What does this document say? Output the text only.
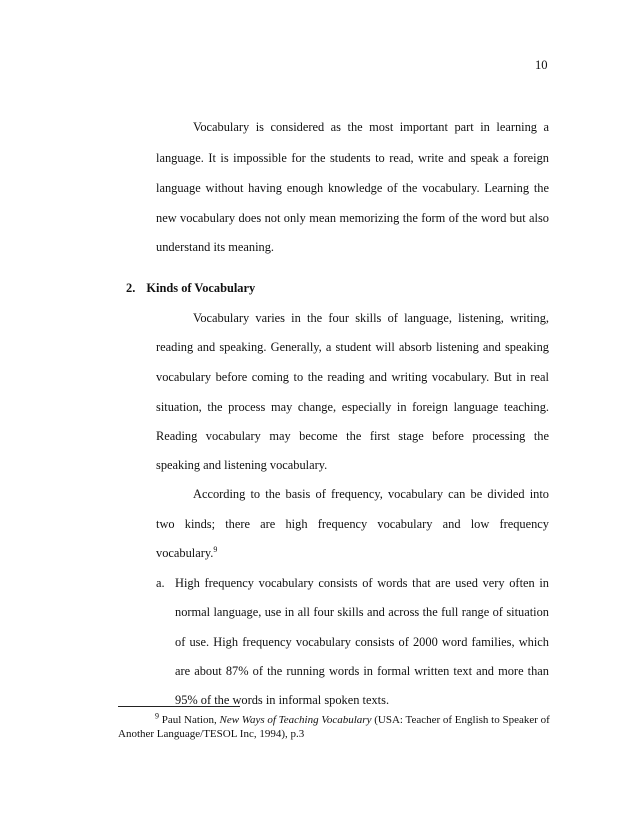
10
Vocabulary is considered as the most important part in learning a
language. It is impossible for the students to read, write and speak a foreign
language without having enough knowledge of the vocabulary. Learning the
new vocabulary does not only mean memorizing the form of the word but also
understand its meaning.
2. Kinds of Vocabulary
Vocabulary varies in the four skills of language, listening, writing,
reading and speaking. Generally, a student will absorb listening and speaking
vocabulary before coming to the reading and writing vocabulary. But in real
situation, the process may change, especially in foreign language teaching.
Reading vocabulary may become the first stage before processing the
speaking and listening vocabulary.
According to the basis of frequency, vocabulary can be divided into
two kinds; there are high frequency vocabulary and low frequency
vocabulary.$^9$
a. High frequency vocabulary consists of words that are used very often in
normal language, use in all four skills and across the full range of situation
of use. High frequency vocabulary consists of 2000 word families, which
are about 87% of the running words in formal written text and more than
95% of the words in informal spoken texts.
$^9$ Paul Nation, New Ways of Teaching Vocabulary (USA: Teacher of English to Speaker of
Another Language/TESOL Inc, 1994), p.3
